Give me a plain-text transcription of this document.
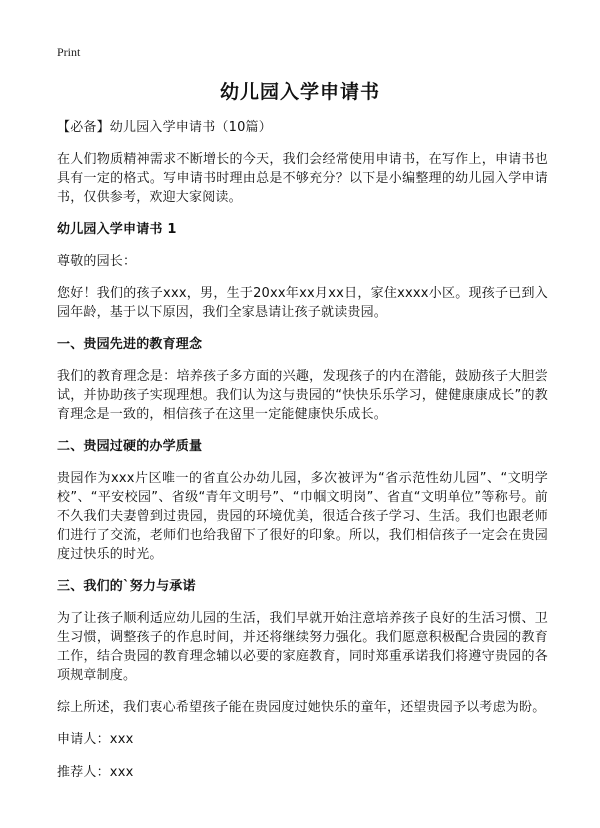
Print
幼儿园入学申请书

【必备】幼儿园入学申请书（10篇）

在人们物质精神需求不断增长的今天，我们会经常使用申请书，在写作上，申请书也具有一定的格式。写申请书时理由总是不够充分？以下是小编整理的幼儿园入学申请书，仅供参考，欢迎大家阅读。

幼儿园入学申请书 1

尊敬的园长：

您好！我们的孩子xxx，男，生于20xx年xx月xx日，家住xxxx小区。现孩子已到入园年龄，基于以下原因，我们全家恳请让孩子就读贵园。

一、贵园先进的教育理念

我们的教育理念是：培养孩子多方面的兴趣，发现孩子的内在潜能，鼓励孩子大胆尝试，并协助孩子实现理想。我们认为这与贵园的“快快乐乐学习，健健康康成长”的教育理念是一致的，相信孩子在这里一定能健康快乐成长。

二、贵园过硬的办学质量

贵园作为xxx片区唯一的省直公办幼儿园，多次被评为“省示范性幼儿园”、“文明学校”、“平安校园”、省级“青年文明号”、“巾帼文明岗”、省直“文明单位”等称号。前不久我们夫妻曾到过贵园，贵园的环境优美，很适合孩子学习、生活。我们也跟老师们进行了交流，老师们也给我留下了很好的印象。所以，我们相信孩子一定会在贵园度过快乐的时光。

三、我们的`努力与承诺

为了让孩子顺利适应幼儿园的生活，我们早就开始注意培养孩子良好的生活习惯、卫生习惯，调整孩子的作息时间，并还将继续努力强化。我们愿意积极配合贵园的教育工作，结合贵园的教育理念辅以必要的家庭教育，同时郑重承诺我们将遵守贵园的各项规章制度。

综上所述，我们衷心希望孩子能在贵园度过她快乐的童年，还望贵园予以考虑为盼。

申请人：xxx

推荐人：xxx
